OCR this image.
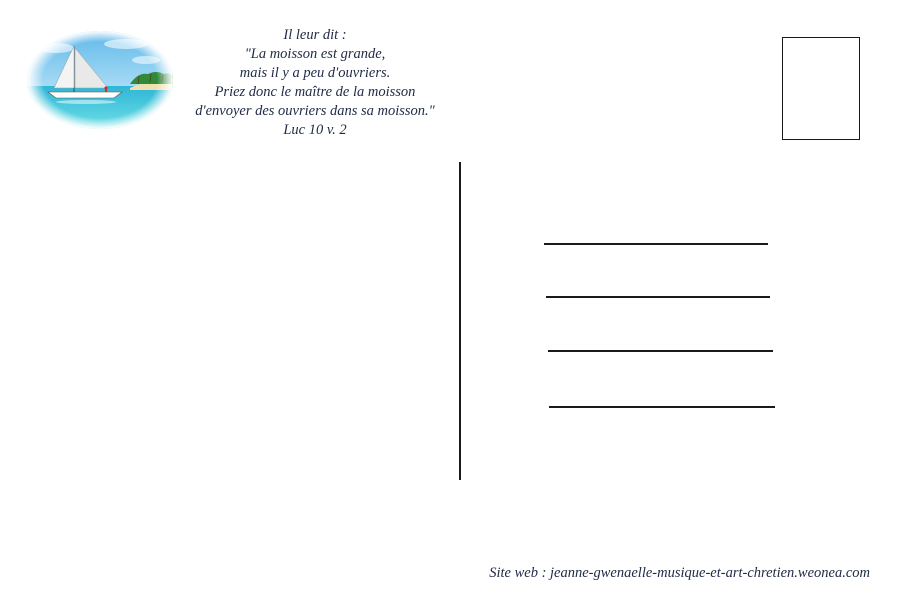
Il leur dit :
"La moisson est grande,
mais il y a peu d'ouvriers.
Priez donc le maître de la moisson
d'envoyer des ouvriers dans sa moisson."
Luc 10 v. 2
Site web : jeanne-gwenaelle-musique-et-art-chretien.weonea.com
